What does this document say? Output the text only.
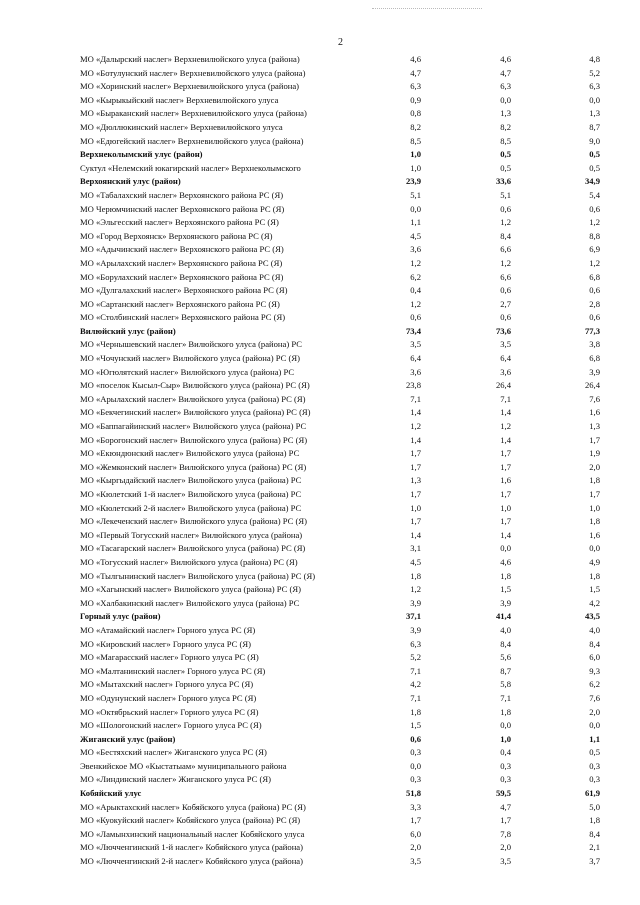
2
МО «Далырский наслег» Верхневилюйского улуса (района)	4,6	4,6	4,8
МО «Ботулунский наслег» Верхневилюйского улуса (района)	4,7	4,7	5,2
МО «Хоринский наслег» Верхневилюйского улуса (района)	6,3	6,3	6,3
МО «Кырыкыйский наслег» Верхневилюйского улуса	0,9	0,0	0,0
МО «Быраканский наслег» Верхневилюйского улуса (района)	0,8	1,3	1,3
МО «Дюллюкинский наслег» Верхневилюйского улуса	8,2	8,2	8,7
МО «Едюгейский наслег» Верхневилюйского улуса (района)	8,5	8,5	9,0
Верхнеколымский улус (район)	1,0	0,5	0,5
Суктул «Нелемский юкагирский наслег» Верхнеколымского	1,0	0,5	0,5
Верхоянский улус (район)	23,9	33,6	34,9
МО «Табалахский наслег» Верхоянского района РС (Я)	5,1	5,1	5,4
МО Черюмчинский наслег Верхоянского района РС (Я)	0,0	0,6	0,6
МО «Эльгесский наслег» Верхоянского района РС (Я)	1,1	1,2	1,2
МО «Город Верхоянск» Верхоянского района РС (Я)	4,5	8,4	8,8
МО «Адычинский наслег» Верхоянского района РС (Я)	3,6	6,6	6,9
МО «Арылахский наслег» Верхоянского района РС (Я)	1,2	1,2	1,2
МО «Борулахский наслег» Верхоянского района РС (Я)	6,2	6,6	6,8
МО «Дулгалахский наслег» Верхоянского района РС (Я)	0,4	0,6	0,6
МО «Сартанский наслег» Верхоянского района РС (Я)	1,2	2,7	2,8
МО «Столбинский наслег» Верхоянского района РС (Я)	0,6	0,6	0,6
Вилюйский улус (район)	73,4	73,6	77,3
МО «Чернышевский наслег» Вилюйского улуса (района) РС	3,5	3,5	3,8
МО «Чочунский наслег» Вилюйского улуса (района) РС (Я)	6,4	6,4	6,8
МО «Югюлятский наслег» Вилюйского улуса (района) РС	3,6	3,6	3,9
МО «поселок Кысыл-Сыр» Вилюйского улуса (района) РС (Я)	23,8	26,4	26,4
МО «Арылахский наслег» Вилюйского улуса (района) РС (Я)	7,1	7,1	7,6
МО «Бекчегинский наслег» Вилюйского улуса (района) РС (Я)	1,4	1,4	1,6
МО «Баппагайинский наслег» Вилюйского улуса (района) РС	1,2	1,2	1,3
МО «Борогонский наслег» Вилюйского улуса (района) РС (Я)	1,4	1,4	1,7
МО «Екюндюнский наслег» Вилюйского улуса (района) РС	1,7	1,7	1,9
МО «Жемконский наслег» Вилюйского улуса (района) РС (Я)	1,7	1,7	2,0
МО «Кыргыдайский наслег» Вилюйского улуса (района) РС	1,3	1,6	1,8
МО «Кюлетский 1-й наслег» Вилюйского улуса (района) РС	1,7	1,7	1,7
МО «Кюлетский 2-й наслег» Вилюйского улуса (района) РС	1,0	1,0	1,0
МО «Лекеченский наслег» Вилюйского улуса (района) РС (Я)	1,7	1,7	1,8
МО «Первый Тогусский наслег» Вилюйского улуса (района)	1,4	1,4	1,6
МО «Тасагарский наслег» Вилюйского улуса (района) РС (Я)	3,1	0,0	0,0
МО «Тогусский наслег» Вилюйского улуса (района) РС (Я)	4,5	4,6	4,9
МО «Тылгынинский наслег» Вилюйского улуса (района) РС (Я)	1,8	1,8	1,8
МО «Хагынский наслег» Вилюйского улуса (района) РС (Я)	1,2	1,5	1,5
МО «Халбакинский наслег» Вилюйского улуса (района) РС	3,9	3,9	4,2
Горный улус (район)	37,1	41,4	43,5
МО «Атамайский наслег» Горного улуса РС (Я)	3,9	4,0	4,0
МО «Кировский наслег» Горного улуса РС (Я)	6,3	8,4	8,4
МО «Магарасский наслег» Горного улуса РС (Я)	5,2	5,6	6,0
МО «Малтанинский наслег» Горного улуса РС (Я)	7,1	8,7	9,3
МО «Мытахский наслег» Горного улуса РС (Я)	4,2	5,8	6,2
МО «Одунунский наслег» Горного улуса РС (Я)	7,1	7,1	7,6
МО «Октябрьский наслег» Горного улуса РС (Я)	1,8	1,8	2,0
МО «Шологонский наслег» Горного улуса РС (Я)	1,5	0,0	0,0
Жиганский улус (район)	0,6	1,0	1,1
МО «Бестяхский наслег» Жиганского улуса РС (Я)	0,3	0,4	0,5
Эвенкийское МО «Кыстатыам» муниципального района	0,0	0,3	0,3
МО «Линдинский наслег» Жиганского улуса РС (Я)	0,3	0,3	0,3
Кобяйский улус	51,8	59,5	61,9
МО «Арыктахский наслег» Кобяйского улуса (района) РС (Я)	3,3	4,7	5,0
МО «Куокуйский наслег» Кобяйского улуса (района) РС (Я)	1,7	1,7	1,8
МО «Ламынхинский национальный наслег Кобяйского улуса	6,0	7,8	8,4
МО «Лючченгинский 1-й наслег» Кобяйского улуса (района)	2,0	2,0	2,1
МО «Лючченгинский 2-й наслег» Кобяйского улуса (района)	3,5	3,5	3,7
